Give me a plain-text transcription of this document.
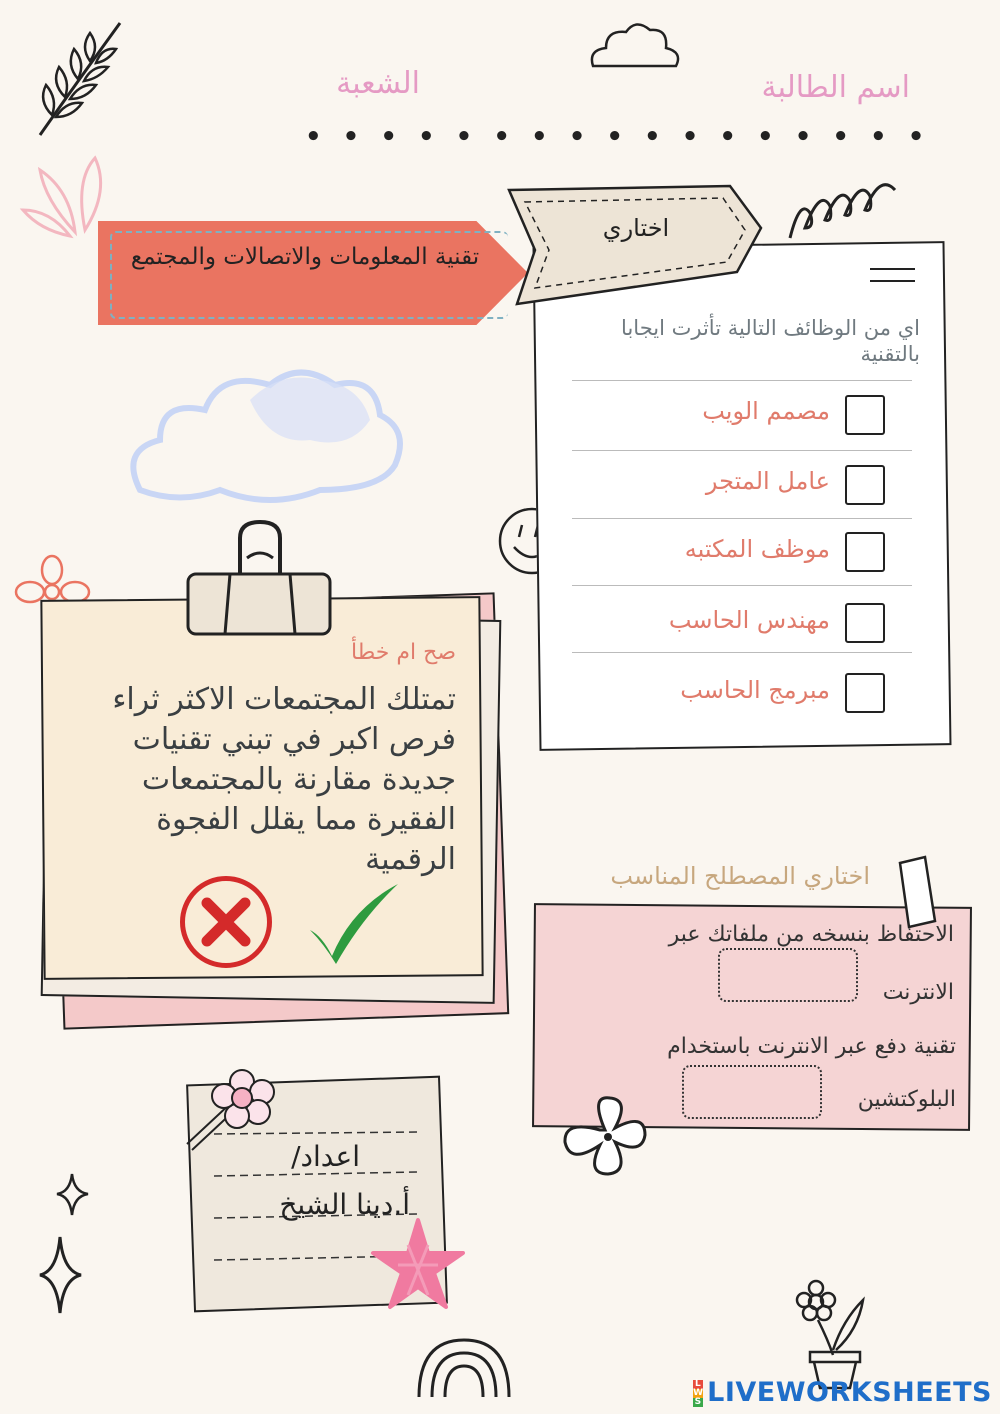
اسم الطالبة
الشعبة
• • • • • • • • • • • • • • • • •
تقنية المعلومات والاتصالات والمجتمع
اختاري
اي من الوظائف التالية تأثرت ايجابا بالتقنية
مصمم الويب
عامل المتجر
موظف المكتبه
مهندس الحاسب
مبرمج الحاسب
صح ام خطأ
تمتلك المجتمعات الاكثر ثراء فرص اكبر في تبني تقنيات جديدة مقارنة بالمجتمعات الفقيرة مما يقلل الفجوة الرقمية	اختاري المصطلح المناسب
الاحتفاظ بنسخه من ملفاتك عبر
الانترنت
تقنية دفع عبر الانترنت باستخدام
البلوكتشين
اعداد/
أ.دينا الشيخ
L
W
S LIVEWORKSHEETS
